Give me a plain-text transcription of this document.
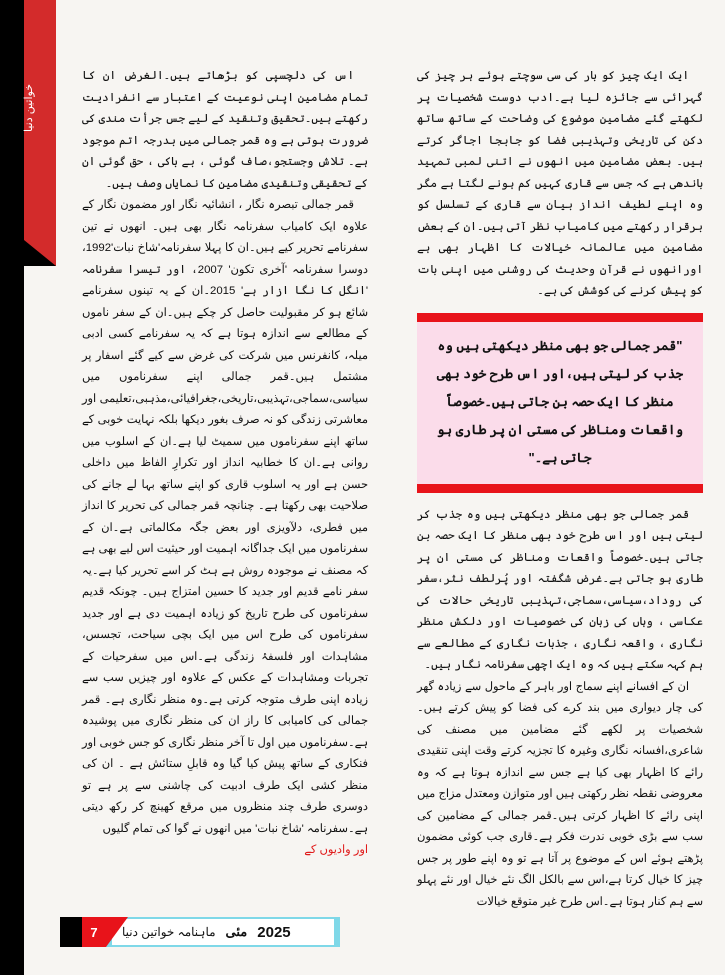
خواتین دنیا

ایک ایک چیز کو بار کی سی سوچتے ہوئے ہر چیز کی گہرائی سے جائزہ لیا ہے۔ادب دوست شخصیات پر لکھتے گئے مضامین موضوع کی وضاحت کے ساتھ ساتھ دکن کی تاریخی وتہذیبی فضا کو جابجا اجاگر کرتے ہیں۔ بعض مضامین میں انھوں نے اتنی لمبی تمہید باندھی ہے کہ جس سے قاری کہیں کم ہونے لگتا ہے مگر وہ اپنے لطیف انداز بیان سے قاری کے تسلسل کو برقرار رکھتے میں کامیاب نظر آتی ہیں۔ان کے بعض مضامین میں عالمانہ خیالات کا اظہار بھی ہے اورانھوں نے قرآن وحدیث کی روشنی میں اپنی بات کو پیش کرنے کی کوشش کی ہے۔

"قمر جمالی جو بھی منظر دیکھتی ہیں وہ جذب کر لیتی ہیں،اور اس طرح خود بھی منظر کا ایک حصہ بن جاتی ہیں۔خصوصاً واقعات ومناظر کی مستی ان پر طاری ہو جاتی ہے۔"

قمر جمالی جو بھی منظر دیکھتی ہیں وہ جذب کر لیتی ہیں اور اس طرح خود بھی منظر کا ایک حصہ بن جاتی ہیں۔خصوصاً واقعات ومناظر کی مستی ان پر طاری ہو جاتی ہے۔غرض شگفتہ اور پُرلطف نثر،سفر کی روداد،سیاسی،سماجی،تہذیبی تاریخی حالات کی عکاسی ، وہاں کی زبان کی خصوصیات اور دلکش منظر نگاری ، واقعہ نگاری ، جذبات نگاری کے مطالعے سے ہم کہہ سکتے ہیں کہ وہ ایک اچھی سفرنامہ نگار ہیں۔

ان کے افسانے اپنے سماج اور باہر کے ماحول سے زیادہ گھر کی چار دیواری میں بند کرے کی فضا کو پیش کرتے ہیں۔شخصیات پر لکھے گئے مضامین میں مصنف کی شاعری،افسانہ نگاری وغیرہ کا تجزیہ کرتے وقت اپنی تنقیدی رائے کا اظہار بھی کیا ہے جس سے اندازہ ہوتا ہے کہ وہ معروضی نقطہ نظر رکھتی ہیں اور متوازن ومعتدل مزاج میں اپنی رائے کا اظہار کرتی ہیں۔قمر جمالی کے مضامین کی سب سے بڑی خوبی ندرت فکر ہے۔قاری جب کوئی مضمون پڑھتے ہوئے اس کے موضوع پر آتا ہے تو وہ اپنے طور پر جس چیز کا خیال کرتا ہے،اس سے بالکل الگ نئے خیال اور نئے پہلو سے ہم کنار ہوتا ہے۔اس طرح غیر متوقع خیالات

اس کی دلچسپی کو بڑھاتے ہیں۔الغرض ان کا تمام مضامین اپنی نوعیت کے اعتبار سے انفرادیت رکھتے ہیں۔تحقیق وتنقید کے لیے جس جرأت مندی کی ضرورت ہوتی ہے وہ قمر جمالی میں بدرجہ اتم موجود ہے۔ تلاش وجستجو،صاف گوئی ، بے باکی ، حق گوئی ان کے تحقیقی وتنقیدی مضامین کا نمایاں وصف ہیں۔

قمر جمالی تبصرہ نگار ، انشائیہ نگار اور مضمون نگار کے علاوہ ایک کامیاب سفرنامہ نگار بھی ہیں۔ انھوں نے تین سفرنامے تحریر کیے ہیں۔ان کا پہلا سفرنامہ'شاخ نبات'1992، دوسرا سفرنامہ 'آخری تکون' 2007، اور تیسرا سفرنامہ 'انگل کا نگا ازار ہے' 2015۔ان کے یہ تینوں سفرنامے شائع ہو کر مقبولیت حاصل کر چکے ہیں۔ان کے سفر ناموں کے مطالعے سے اندازہ ہوتا ہے کہ یہ سفرنامے کسی ادبی میلہ، کانفرنس میں شرکت کی غرض سے کیے گئے اسفار پر مشتمل ہیں۔قمر جمالی اپنے سفرناموں میں سیاسی،سماجی،تہذیبی،تاریخی،جغرافیائی،مذہبی،تعلیمی اور معاشرتی زندگی کو نہ صرف بغور دیکھا بلکہ نہایت خوبی کے ساتھ اپنے سفرناموں میں سمیٹ لیا ہے۔ان کے اسلوب میں روانی ہے۔ان کا خطابیہ انداز اور تکرارِ الفاظ میں داخلی حسن ہے اور یہ اسلوب قاری کو اپنے ساتھ بہا لے جانے کی صلاحیت بھی رکھتا ہے۔ چنانچہ قمر جمالی کی تحریر کا انداز میں فطری، دلآویزی اور بعض جگہ مکالماتی ہے۔ان کے سفرناموں میں ایک جداگانہ اہمیت اور حیثیت اس لیے بھی ہے کہ مصنف نے موجودہ روش ہے ہٹ کر اسے تحریر کیا ہے۔یہ سفر نامے قدیم اور جدید کا حسین امتزاج ہیں۔ چونکہ قدیم سفرناموں کی طرح تاریخ کو زیادہ اہمیت دی ہے اور جدید سفرناموں کی طرح اس میں ایک بچی سیاحت، تجسس، مشاہدات اور فلسفۂ زندگی ہے۔اس میں سفرحیات کے تجربات ومشاہدات کے عکس کے علاوہ اور چیزیں سب سے زیادہ اپنی طرف متوجہ کرتی ہے۔وہ منظر نگاری ہے۔ قمر جمالی کی کامیابی کا راز ان کی منظر نگاری میں پوشیدہ ہے۔سفرناموں میں اول تا آخر منظر نگاری کو جس خوبی اور فنکاری کے ساتھ پیش کیا گیا وہ قابلِ ستائش ہے ۔ ان کی منظر کشی ایک طرف ادبیت کی چاشنی سے پر ہے تو دوسری طرف چند منظروں میں مرقع کھینچ کر رکھ دیتی ہے۔سفرنامہ 'شاخ نبات' میں انھوں نے گوا کی تمام گلیوں

اور وادیوں کے

ماہنامہ خواتین دنیا مئی 2025
7
